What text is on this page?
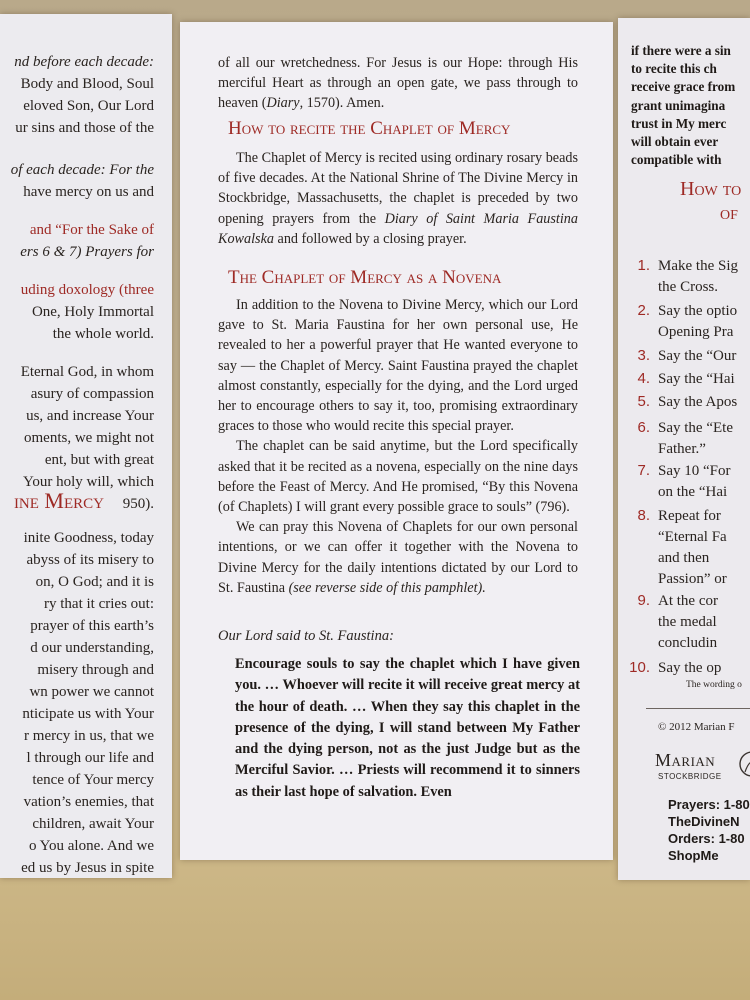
nd before each decade:
Body and Blood, Soul
eloved Son, Our Lord
ur sins and those of the
of each decade: For the
have mercy on us and
and “For the Sake of
ers 6 & 7) Prayers for
uding doxology (three
One, Holy Immortal
the whole world.
Eternal God, in whom
asury of compassion
us, and increase Your
oments, we might not
ent, but with great
Your holy will, which
950).
inite Goodness, today
abyss of its misery to
on, O God; and it is
ry that it cries out:
prayer of this earth’s
d our understanding,
misery through and
wn power we cannot
nticipate us with Your
r mercy in us, that we
l through our life and
tence of Your mercy
vation’s enemies, that
children, await Your
o You alone. And we
ed us by Jesus in spite
ine Mercy

of all our wretchedness. For Jesus is our Hope: through His merciful Heart as through an open gate, we pass through to heaven (Diary, 1570). Amen.

How to recite the Chaplet of Mercy

The Chaplet of Mercy is recited using ordinary rosary beads of five decades. At the National Shrine of The Divine Mercy in Stockbridge, Massachusetts, the chaplet is preceded by two opening prayers from the Diary of Saint Maria Faustina Kowalska and followed by a closing prayer.

The Chaplet of Mercy as a Novena

In addition to the Novena to Divine Mercy, which our Lord gave to St. Maria Faustina for her own personal use, He revealed to her a powerful prayer that He wanted everyone to say — the Chaplet of Mercy. Saint Faustina prayed the chaplet almost constantly, especially for the dying, and the Lord urged her to encourage others to say it, too, promising extraordinary graces to those who would recite this special prayer.

The chaplet can be said anytime, but the Lord specifically asked that it be recited as a novena, especially on the nine days before the Feast of Mercy. And He promised, “By this Novena (of Chaplets) I will grant every possible grace to souls” (796).

We can pray this Novena of Chaplets for our own personal intentions, or we can offer it together with the Novena to Divine Mercy for the daily intentions dictated by our Lord to St. Faustina (see reverse side of this pamphlet).

Our Lord said to St. Faustina:
Encourage souls to say the chaplet which I have given you. … Whoever will recite it will receive great mercy at the hour of death. … When they say this chaplet in the presence of the dying, I will stand between My Father and the dying person, not as the just Judge but as the Merciful Savior. … Priests will recommend it to sinners as their last hope of salvation. Even
if there were a sin
to recite this ch
receive grace from
grant unimagina
trust in My merc
will obtain ever
compatible with
How to
of
1. Make the Sig
the Cross.
2. Say the optio
Opening Pra
3. Say the “Our
4. Say the “Hai
5. Say the Apos
6. Say the “Ete
Father.”
7. Say 10 “For
on the “Hai
8. Repeat for
“Eternal Fa
and then
Passion” or
9. At the cor
the medal
concludin
10. Say the op
The wording o
© 2012 Marian F
Marian
STOCKBRIDGE
Prayers: 1-80
TheDivineN
Orders: 1-80
ShopMe
